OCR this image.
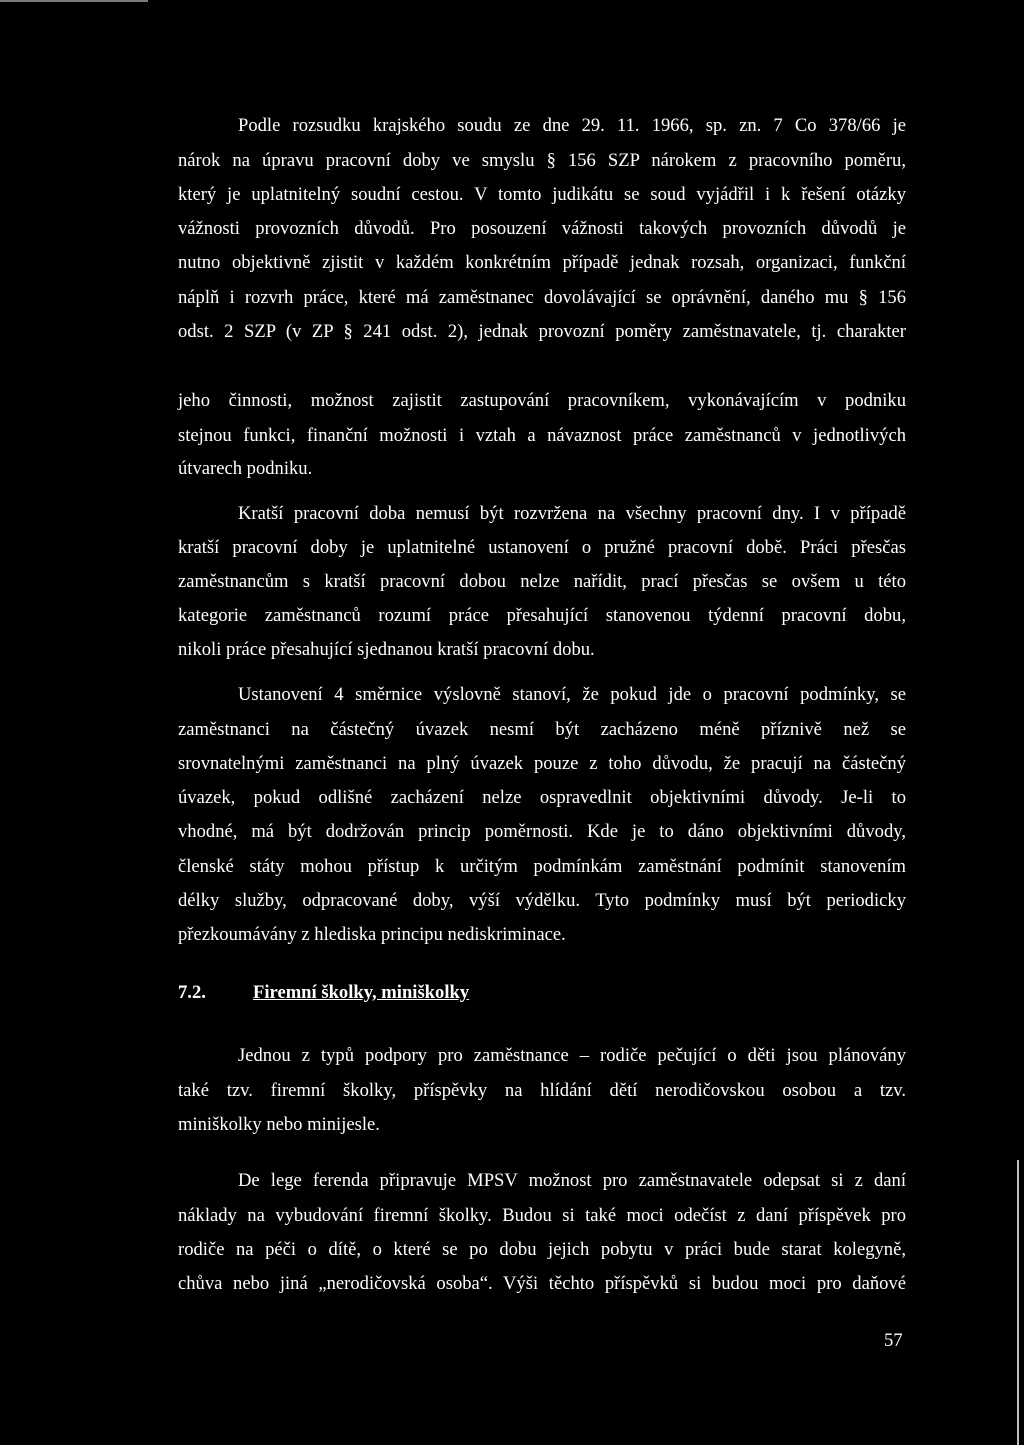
Podle rozsudku krajského soudu ze dne 29. 11. 1966, sp. zn. 7 Co 378/66 je
nárok na úpravu pracovní doby ve smyslu § 156 SZP nárokem z pracovního poměru,
který je uplatnitelný soudní cestou. V tomto judikátu se soud vyjádřil i k řešení otázky
vážnosti provozních důvodů. Pro posouzení vážnosti takových provozních důvodů je
nutno objektivně zjistit v každém konkrétním případě jednak rozsah, organizaci, funkční
náplň i rozvrh práce, které má zaměstnanec dovolávající se oprávnění, daného mu § 156
odst. 2 SZP (v ZP § 241 odst. 2), jednak provozní poměry zaměstnavatele, tj. charakter
jeho činnosti, možnost zajistit zastupování pracovníkem, vykonávajícím v podniku
stejnou funkci, finanční možnosti i vztah a návaznost práce zaměstnanců v jednotlivých
útvarech podniku.
Kratší pracovní doba nemusí být rozvržena na všechny pracovní dny. I v případě
kratší pracovní doby je uplatnitelné ustanovení o pružné pracovní době. Práci přesčas
zaměstnancům s kratší pracovní dobou nelze nařídit, prací přesčas se ovšem u této
kategorie zaměstnanců rozumí práce přesahující stanovenou týdenní pracovní dobu,
nikoli práce přesahující sjednanou kratší pracovní dobu.
Ustanovení 4 směrnice výslovně stanoví, že pokud jde o pracovní podmínky, se
zaměstnanci na částečný úvazek nesmí být zacházeno méně příznivě než se
srovnatelnými zaměstnanci na plný úvazek pouze z toho důvodu, že pracují na částečný
úvazek, pokud odlišné zacházení nelze ospravedlnit objektivními důvody. Je-li to
vhodné, má být dodržován princip poměrnosti. Kde je to dáno objektivními důvody,
členské státy mohou přístup k určitým podmínkám zaměstnání podmínit stanovením
délky služby, odpracované doby, výší výdělku. Tyto podmínky musí být periodicky
přezkoumávány z hlediska principu nediskriminace.
7.2.	Firemní školky, miniškolky
Jednou z typů podpory pro zaměstnance – rodiče pečující o děti jsou plánovány
také tzv. firemní školky, příspěvky na hlídání dětí nerodičovskou osobou a tzv.
miniškolky nebo minijesle.
De lege ferenda připravuje MPSV možnost pro zaměstnavatele odepsat si z daní
náklady na vybudování firemní školky. Budou si také moci odečíst z daní příspěvek pro
rodiče na péči o dítě, o které se po dobu jejich pobytu v práci bude starat kolegyně,
chůva nebo jiná „nerodičovská osoba“. Výši těchto příspěvků si budou moci pro daňové
57
